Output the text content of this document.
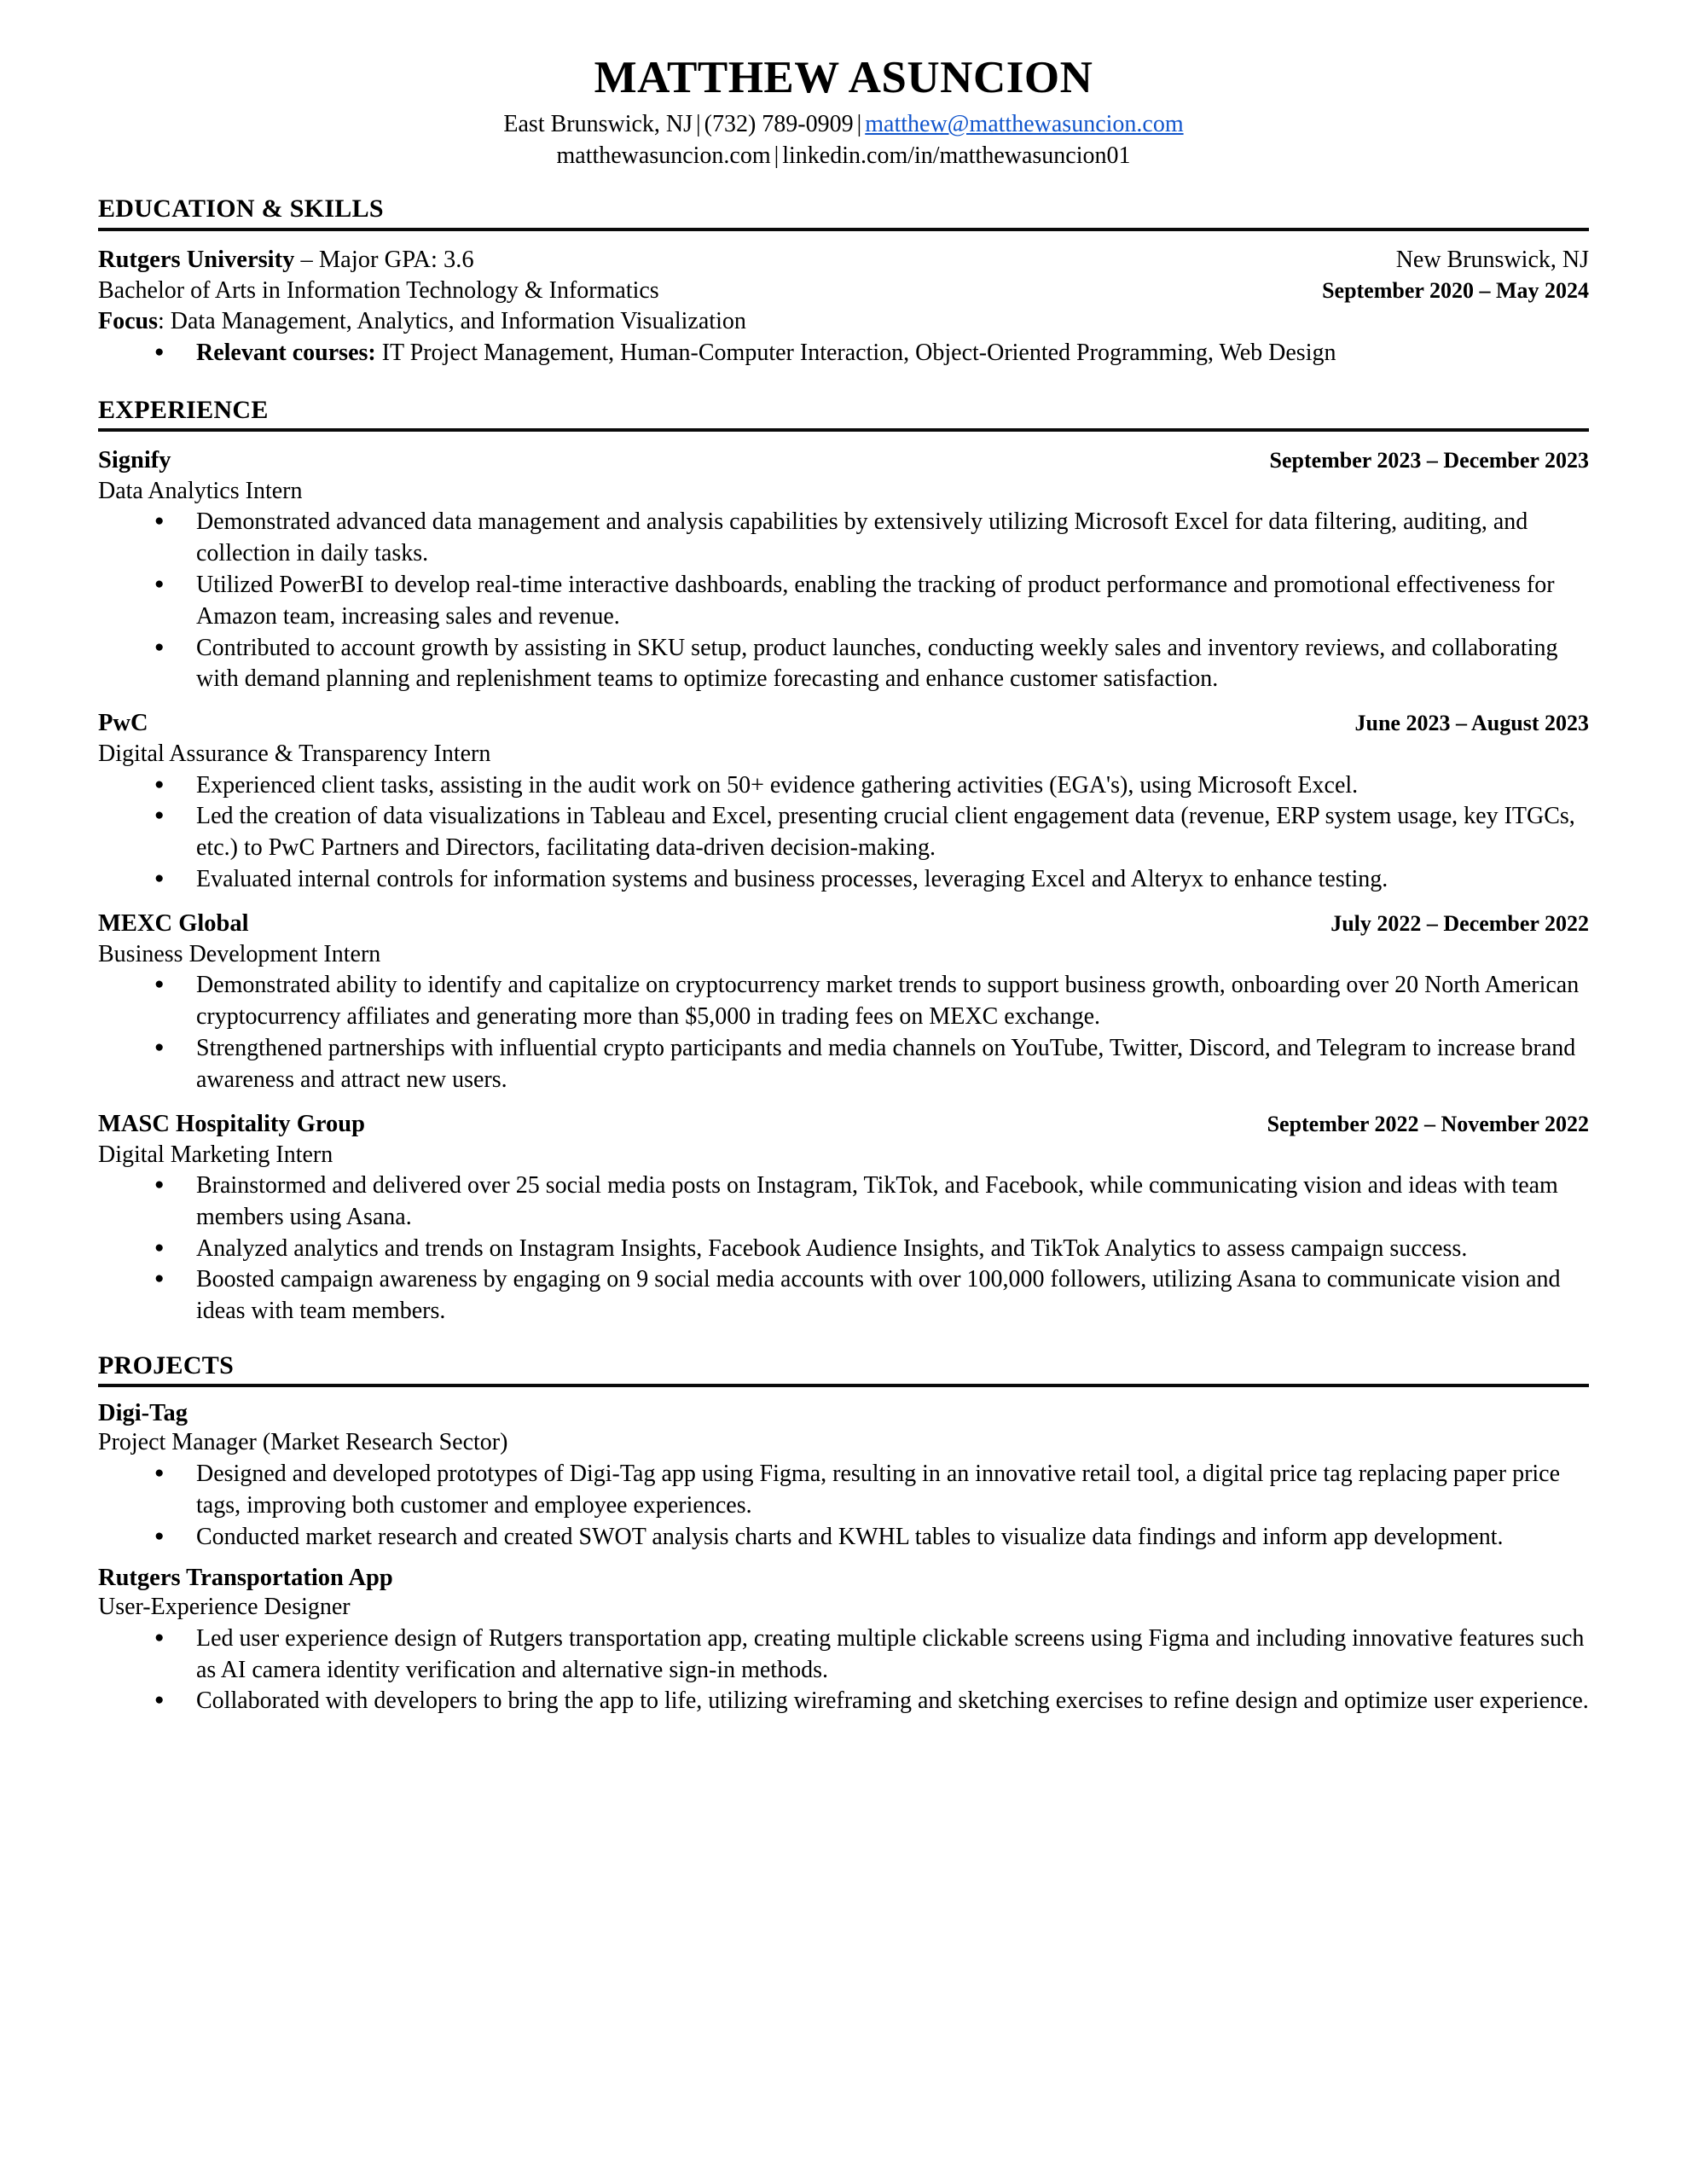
MATTHEW ASUNCION

East Brunswick, NJ | (732) 789-0909 | matthew@matthewasuncion.com

matthewasuncion.com | linkedin.com/in/matthewasuncion01

EDUCATION & SKILLS
Rutgers University – Major GPA: 3.6	New Brunswick, NJ
Bachelor of Arts in Information Technology & Informatics	September 2020 – May 2024
Focus: Data Management, Analytics, and Information Visualization
● Relevant courses: IT Project Management, Human-Computer Interaction, Object-Oriented Programming, Web Design
EXPERIENCE
Signify	September 2023 – December 2023
Data Analytics Intern
● Demonstrated advanced data management and analysis capabilities by extensively utilizing Microsoft Excel for data filtering, auditing, and collection in daily tasks.
● Utilized PowerBI to develop real-time interactive dashboards, enabling the tracking of product performance and promotional effectiveness for Amazon team, increasing sales and revenue.
● Contributed to account growth by assisting in SKU setup, product launches, conducting weekly sales and inventory reviews, and collaborating with demand planning and replenishment teams to optimize forecasting and enhance customer satisfaction.
PwC	June 2023 – August 2023
Digital Assurance & Transparency Intern
● Experienced client tasks, assisting in the audit work on 50+ evidence gathering activities (EGA's), using Microsoft Excel.
● Led the creation of data visualizations in Tableau and Excel, presenting crucial client engagement data (revenue, ERP system usage, key ITGCs, etc.) to PwC Partners and Directors, facilitating data-driven decision-making.
● Evaluated internal controls for information systems and business processes, leveraging Excel and Alteryx to enhance testing.
MEXC Global	July 2022 – December 2022
Business Development Intern
● Demonstrated ability to identify and capitalize on cryptocurrency market trends to support business growth, onboarding over 20 North American cryptocurrency affiliates and generating more than $5,000 in trading fees on MEXC exchange.
● Strengthened partnerships with influential crypto participants and media channels on YouTube, Twitter, Discord, and Telegram to increase brand awareness and attract new users.
MASC Hospitality Group	September 2022 – November 2022
Digital Marketing Intern
● Brainstormed and delivered over 25 social media posts on Instagram, TikTok, and Facebook, while communicating vision and ideas with team members using Asana.
● Analyzed analytics and trends on Instagram Insights, Facebook Audience Insights, and TikTok Analytics to assess campaign success.
● Boosted campaign awareness by engaging on 9 social media accounts with over 100,000 followers, utilizing Asana to communicate vision and ideas with team members.
PROJECTS
Digi-Tag
Project Manager (Market Research Sector)
● Designed and developed prototypes of Digi-Tag app using Figma, resulting in an innovative retail tool, a digital price tag replacing paper price tags, improving both customer and employee experiences.
● Conducted market research and created SWOT analysis charts and KWHL tables to visualize data findings and inform app development.
Rutgers Transportation App
User-Experience Designer
● Led user experience design of Rutgers transportation app, creating multiple clickable screens using Figma and including innovative features such as AI camera identity verification and alternative sign-in methods.
● Collaborated with developers to bring the app to life, utilizing wireframing and sketching exercises to refine design and optimize user experience.
